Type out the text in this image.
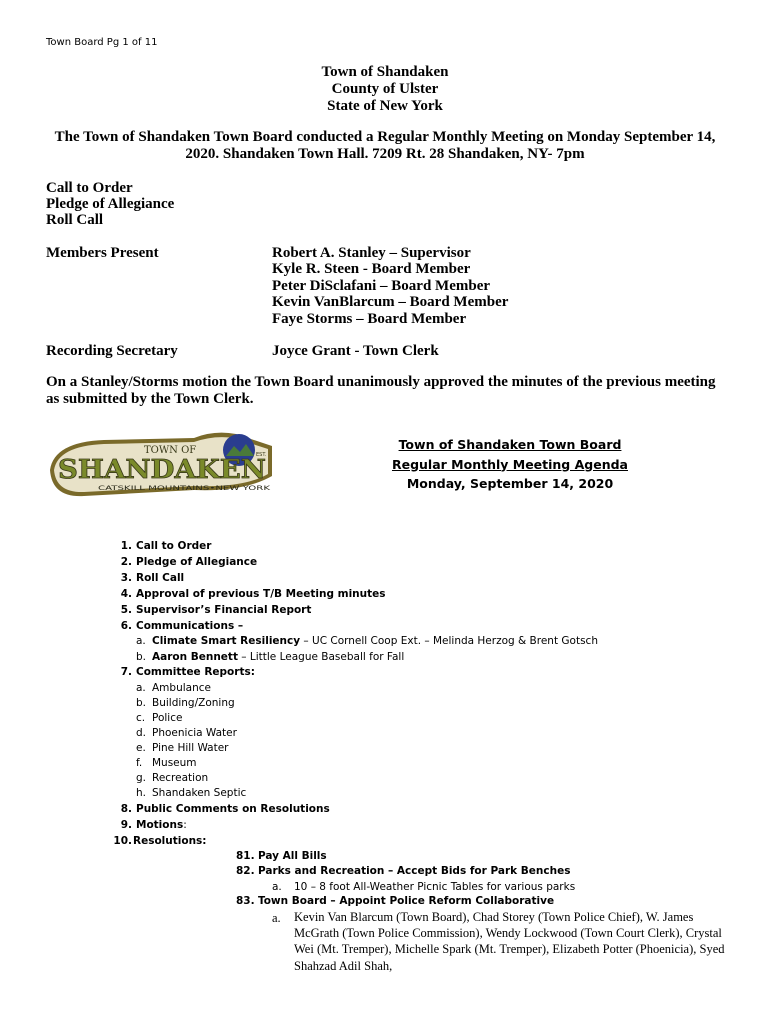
Town Board Pg 1 of 11
Town of Shandaken
County of Ulster
State of New York
The Town of Shandaken Town Board conducted a Regular Monthly Meeting on Monday September 14, 2020. Shandaken Town Hall. 7209 Rt. 28 Shandaken, NY- 7pm
Call to Order
Pledge of Allegiance
Roll Call
Members Present	Robert A. Stanley – Supervisor
Kyle R. Steen - Board Member
Peter DiSclafani – Board Member
Kevin VanBlarcum – Board Member
Faye Storms – Board Member
Recording Secretary	Joyce Grant - Town Clerk
On a Stanley/Storms motion the Town Board unanimously approved the minutes of the previous meeting as submitted by the Town Clerk.
TOWN OF	EST.
SHANDAKEN
CATSKILL MOUNTAINS•NEW YORK
Town of Shandaken Town Board
Regular Monthly Meeting Agenda
Monday, September 14, 2020
1. Call to Order
2. Pledge of Allegiance
3. Roll Call
4. Approval of previous T/B Meeting minutes
5. Supervisor’s Financial Report
6. Communications –
a. Climate Smart Resiliency – UC Cornell Coop Ext. – Melinda Herzog & Brent Gotsch
b. Aaron Bennett – Little League Baseball for Fall
7. Committee Reports:
a. Ambulance
b. Building/Zoning
c. Police
d. Phoenicia Water
e. Pine Hill Water
f. Museum
g. Recreation
h. Shandaken Septic
8. Public Comments on Resolutions
9. Motions:
10.Resolutions:
81. Pay All Bills
82. Parks and Recreation – Accept Bids for Park Benches
a. 10 – 8 foot All-Weather Picnic Tables for various parks
83. Town Board – Appoint Police Reform Collaborative
a. Kevin Van Blarcum (Town Board), Chad Storey (Town Police Chief), W. James McGrath (Town Police Commission), Wendy Lockwood (Town Court Clerk), Crystal Wei (Mt. Tremper), Michelle Spark (Mt. Tremper), Elizabeth Potter (Phoenicia), Syed Shahzad Adil Shah,
